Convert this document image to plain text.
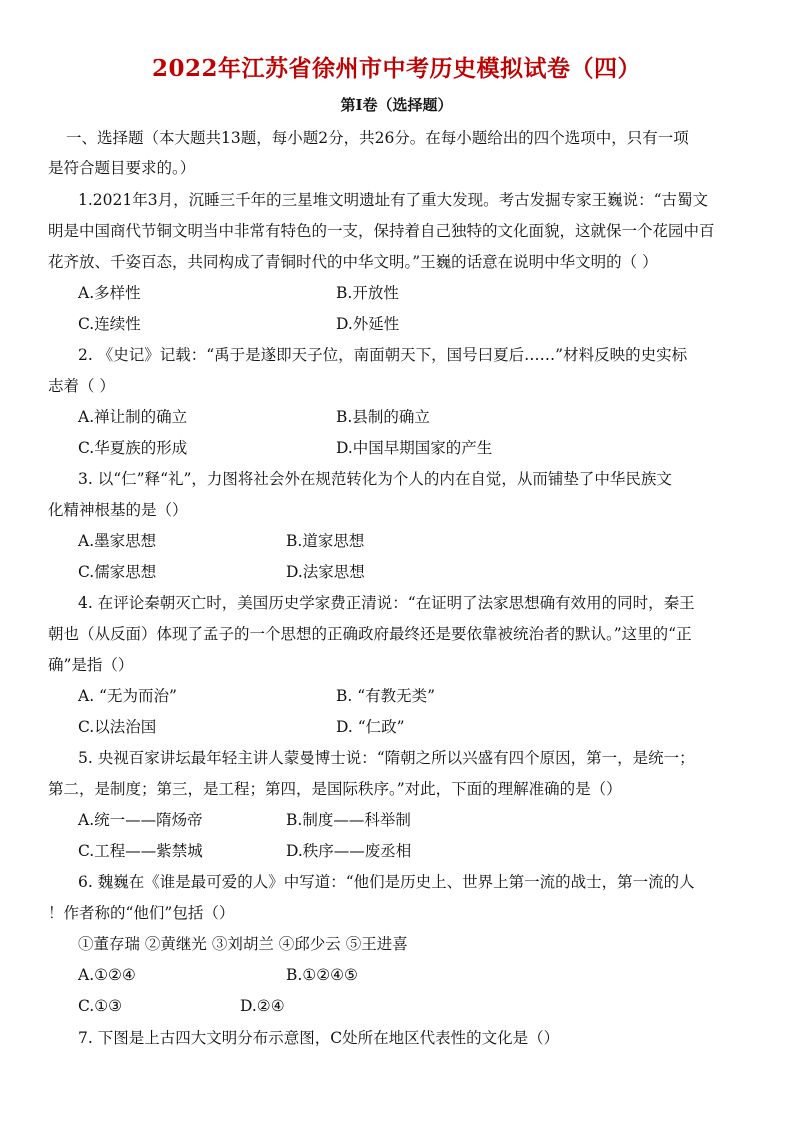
2022年江苏省徐州市中考历史模拟试卷（四）
第I卷（选择题）
一、选择题（本大题共13题，每小题2分，共26分。在每小题给出的四个选项中，只有一项
是符合题目要求的。）
1.2021年3月，沉睡三千年的三星堆文明遗址有了重大发现。考古发掘专家王巍说：“古蜀文
明是中国商代节铜文明当中非常有特色的一支，保持着自己独特的文化面貌，这就保一个花园中百
花齐放、千姿百态，共同构成了青铜时代的中华文明。”王巍的话意在说明中华文明的（ ）
A.多样性	B.开放性
C.连续性	D.外延性
2. 《史记》记载：“禹于是遂即天子位，南面朝天下，国号曰夏后……”材料反映的史实标
志着（ ）
A.禅让制的确立	B.县制的确立
C.华夏族的形成	D.中国早期国家的产生
3. 以“仁”释“礼”，力图将社会外在规范转化为个人的内在自觉，从而铺垫了中华民族文
化精神根基的是（）
A.墨家思想	B.道家思想
C.儒家思想	D.法家思想
4. 在评论秦朝灭亡时，美国历史学家费正清说：“在证明了法家思想确有效用的同时，秦王
朝也（从反面）体现了孟子的一个思想的正确政府最终还是要依靠被统治者的默认。”这里的“正
确”是指（）
A. “无为而治”	B. “有教无类”
C.以法治国	D. “仁政”
5. 央视百家讲坛最年轻主讲人蒙曼博士说：“隋朝之所以兴盛有四个原因，第一，是统一；
第二，是制度；第三，是工程；第四，是国际秩序。”对此，下面的理解准确的是（）
A.统一——隋炀帝	B.制度——科举制
C.工程——紫禁城	D.秩序——废丞相
6. 魏巍在《谁是最可爱的人》中写道：“他们是历史上、世界上第一流的战士，第一流的人
！作者称的“他们”包括（）
①董存瑞 ②黄继光 ③刘胡兰 ④邱少云 ⑤王进喜
A.①②④	B.①②④⑤
C.①③	D.②④
7. 下图是上古四大文明分布示意图，C处所在地区代表性的文化是（）
